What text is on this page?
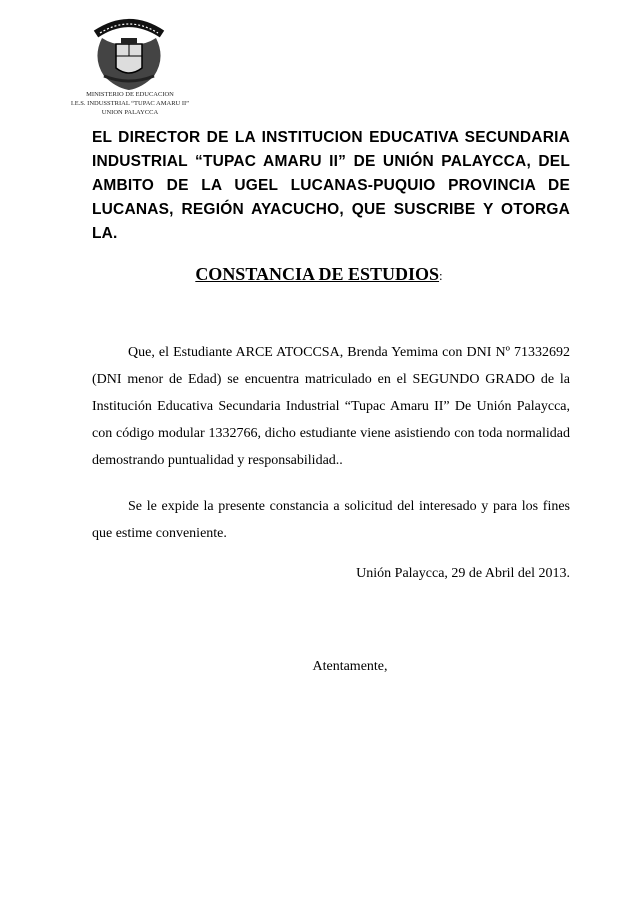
MINISTERIO DE EDUCACION
I.E.S. INDUSSTRIAL “TUPAC AMARU II”
UNION PALAYCCA
EL DIRECTOR DE LA INSTITUCION EDUCATIVA SECUNDARIA INDUSTRIAL “TUPAC AMARU II” DE UNIÓN PALAYCCA, DEL AMBITO DE LA UGEL LUCANAS-PUQUIO PROVINCIA DE LUCANAS, REGIÓN AYACUCHO, QUE SUSCRIBE Y OTORGA LA.
CONSTANCIA DE ESTUDIOS:

Que, el Estudiante ARCE ATOCCSA, Brenda Yemima con DNI Nº 71332692 (DNI menor de Edad) se encuentra matriculado en el SEGUNDO GRADO de la Institución Educativa Secundaria Industrial “Tupac Amaru II” De Unión Palaycca, con código modular 1332766, dicho estudiante viene asistiendo con toda normalidad demostrando puntualidad y responsabilidad..

Se le expide la presente constancia a solicitud del interesado y para los fines que estime conveniente.

Unión Palaycca, 29 de Abril del 2013.
Atentamente,
